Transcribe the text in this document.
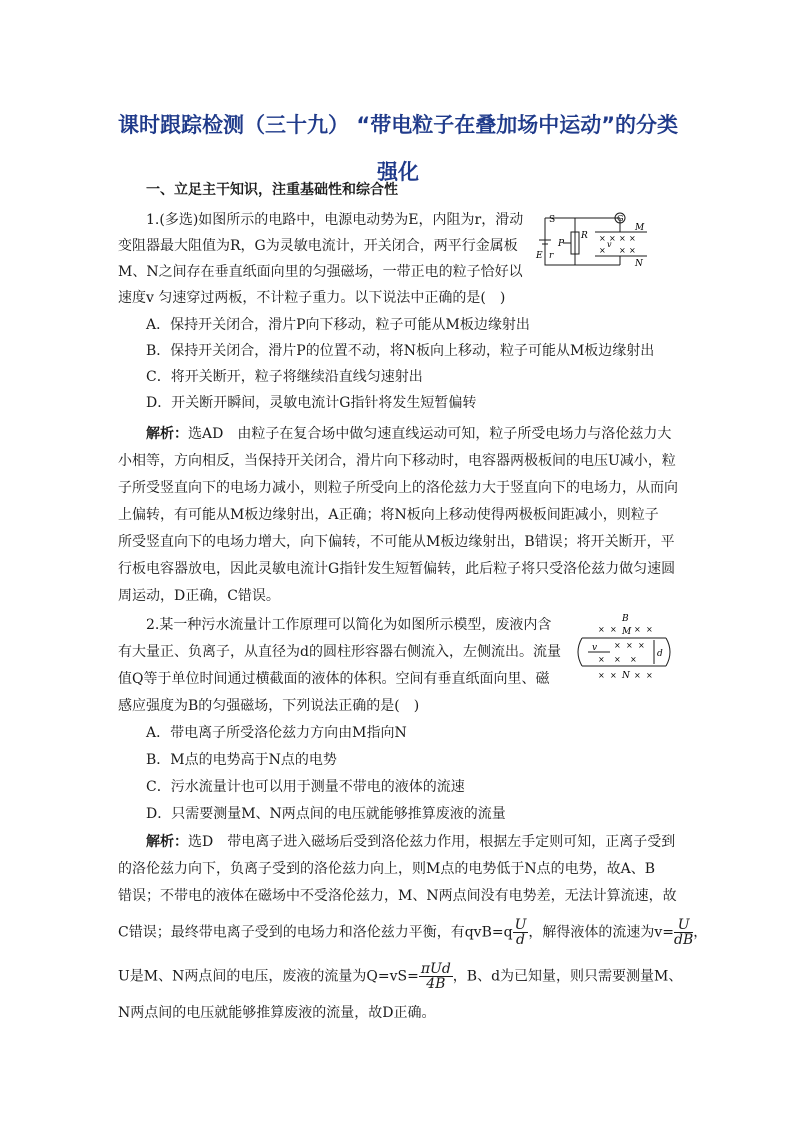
课时跟踪检测（三十九） “带电粒子在叠加场中运动”的分类
强化
一、立足主干知识，注重基础性和综合性
1.(多选)如图所示的电路中，电源电动势为E，内阻为r，滑动
变阻器最大阻值为R，G为灵敏电流计，开关闭合，两平行金属板
M、N之间存在垂直纸面向里的匀强磁场，一带正电的粒子恰好以
速度v 匀速穿过两板，不计粒子重力。以下说法中正确的是(　)
S	G
R
P
E r
M
N
× × × ×
× × ×
v
A．保持开关闭合，滑片P向下移动，粒子可能从M板边缘射出
B．保持开关闭合，滑片P的位置不动，将N板向上移动，粒子可能从M板边缘射出
C．将开关断开，粒子将继续沿直线匀速射出
D．开关断开瞬间，灵敏电流计G指针将发生短暂偏转
解析：选AD　由粒子在复合场中做匀速直线运动可知，粒子所受电场力与洛伦兹力大
小相等，方向相反，当保持开关闭合，滑片向下移动时，电容器两极板间的电压U减小，粒
子所受竖直向下的电场力减小，则粒子所受向上的洛伦兹力大于竖直向下的电场力，从而向
上偏转，有可能从M板边缘射出，A正确；将N板向上移动使得两极板间距减小，则粒子
所受竖直向下的电场力增大，向下偏转，不可能从M板边缘射出，B错误；将开关断开，平
行板电容器放电，因此灵敏电流计G指针发生短暂偏转，此后粒子将只受洛伦兹力做匀速圆
周运动，D正确，C错误。
2.某一种污水流量计工作原理可以简化为如图所示模型，废液内含
有大量正、负离子，从直径为d的圆柱形容器右侧流入，左侧流出。流量
值Q等于单位时间通过横截面的液体的体积。空间有垂直纸面向里、磁
感应强度为B的匀强磁场，下列说法正确的是(　)
B
M
N
v
d
× × × ×
× × ×
× × ×
× × × ×
A．带电离子所受洛伦兹力方向由M指向N
B．M点的电势高于N点的电势
C．污水流量计也可以用于测量不带电的液体的流速
D．只需要测量M、N两点间的电压就能够推算废液的流量
解析：选D　带电离子进入磁场后受到洛伦兹力作用，根据左手定则可知，正离子受到
的洛伦兹力向下，负离子受到的洛伦兹力向上，则M点的电势低于N点的电势，故A、B
错误；不带电的液体在磁场中不受洛伦兹力，M、N两点间没有电势差，无法计算流速，故
C错误；最终带电离子受到的电场力和洛伦兹力平衡，有$qvB=q \frac{U}{d}$ ，解得液体的流速为$v= \frac{U}{dB}$ ，
U是M、N两点间的电压，废液的流量为$Q=vS= \frac{\text{πUd}}{4B}$ ，B、d为已知量，则只需要测量M、
N两点间的电压就能够推算废液的流量，故D正确。
